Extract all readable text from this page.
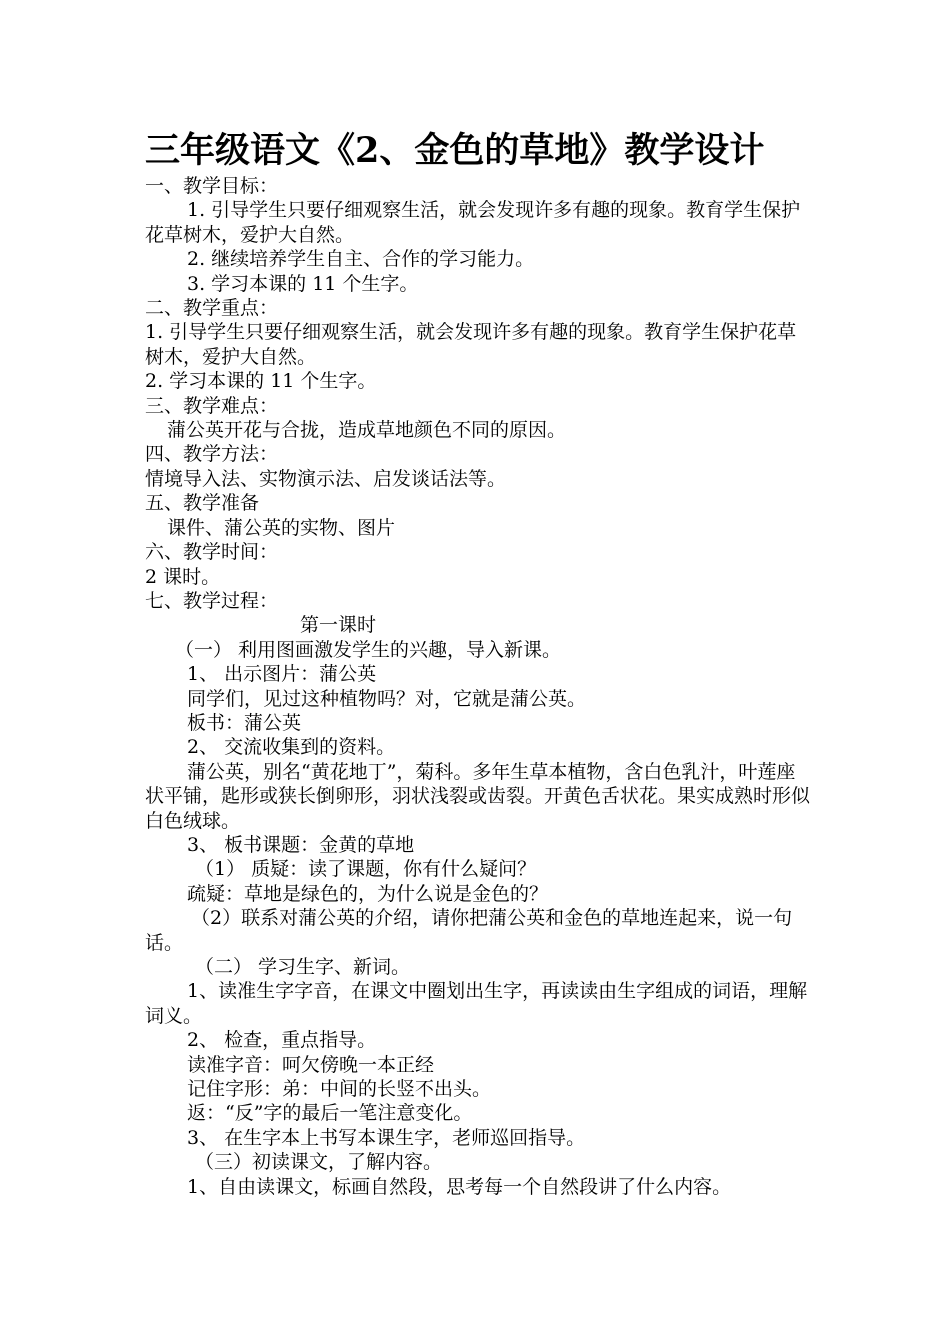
三年级语文《2、金色的草地》教学设计
一、教学目标：
1. 引导学生只要仔细观察生活，就会发现许多有趣的现象。教育学生保护花草树木，爱护大自然。
2. 继续培养学生自主、合作的学习能力。
3. 学习本课的 11 个生字。
二、教学重点：
1. 引导学生只要仔细观察生活，就会发现许多有趣的现象。教育学生保护花草树木，爱护大自然。
2. 学习本课的 11 个生字。
三、教学难点：
蒲公英开花与合拢，造成草地颜色不同的原因。
四、教学方法：
情境导入法、实物演示法、启发谈话法等。
五、教学准备
课件、蒲公英的实物、图片
六、教学时间：
2 课时。
七、教学过程：
第一课时
（一） 利用图画激发学生的兴趣，导入新课。
1、 出示图片：蒲公英
同学们，见过这种植物吗？对，它就是蒲公英。
板书：蒲公英
2、 交流收集到的资料。
蒲公英，别名“黄花地丁”，菊科。多年生草本植物，含白色乳汁，叶莲座状平铺，匙形或狭长倒卵形，羽状浅裂或齿裂。开黄色舌状花。果实成熟时形似白色绒球。
3、 板书课题：金黄的草地
（1） 质疑：读了课题，你有什么疑问？
疏疑：草地是绿色的，为什么说是金色的？
（2）联系对蒲公英的介绍，请你把蒲公英和金色的草地连起来，说一句话。
（二） 学习生字、新词。
1、读准生字字音，在课文中圈划出生字，再读读由生字组成的词语，理解词义。
2、 检查，重点指导。
读准字音：呵欠傍晚一本正经
记住字形：弟：中间的长竖不出头。
返：“反”字的最后一笔注意变化。
3、 在生字本上书写本课生字，老师巡回指导。
（三）初读课文，了解内容。
1、自由读课文，标画自然段，思考每一个自然段讲了什么内容。
